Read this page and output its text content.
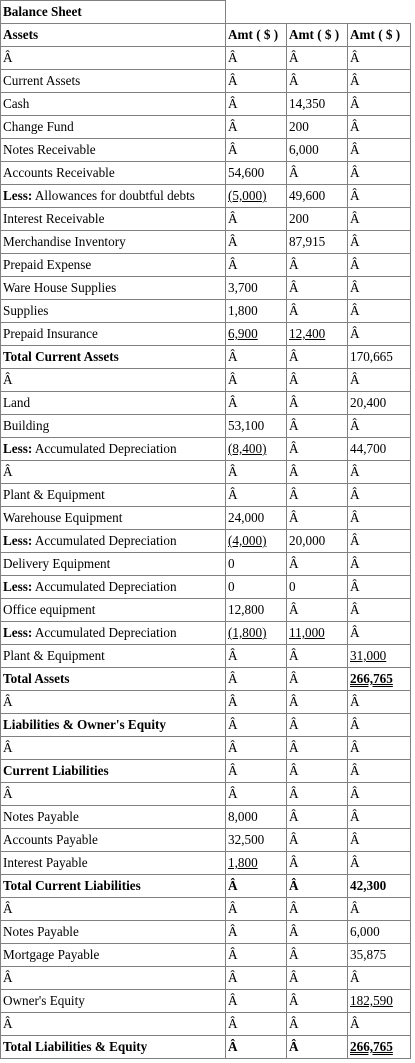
Balance Sheet			
Assets	Amt ( $ )	Amt ( $ )	Amt ( $ )
Â	Â	Â	Â
Current Assets	Â	Â	Â
Cash	Â	14,350	Â
Change Fund	Â	200	Â
Notes Receivable	Â	6,000	Â
Accounts Receivable	54,600	Â	Â
Less: Allowances for doubtful debts	(5,000)	49,600	Â
Interest Receivable	Â	200	Â
Merchandise Inventory	Â	87,915	Â
Prepaid Expense	Â	Â	Â
Ware House Supplies	3,700	Â	Â
Supplies	1,800	Â	Â
Prepaid Insurance	6,900	12,400	Â
Total Current Assets	Â	Â	170,665
Â	Â	Â	Â
Land	Â	Â	20,400
Building	53,100	Â	Â
Less: Accumulated Depreciation	(8,400)	Â	44,700
Â	Â	Â	Â
Plant & Equipment	Â	Â	Â
Warehouse Equipment	24,000	Â	Â
Less: Accumulated Depreciation	(4,000)	20,000	Â
Delivery Equipment	0	Â	Â
Less: Accumulated Depreciation	0	0	Â
Office equipment	12,800	Â	Â
Less: Accumulated Depreciation	(1,800)	11,000	Â
Plant & Equipment	Â	Â	31,000
Total Assets	Â	Â	266,765
Â	Â	Â	Â
Liabilities & Owner's Equity	Â	Â	Â
Â	Â	Â	Â
Current Liabilities	Â	Â	Â
Â	Â	Â	Â
Notes Payable	8,000	Â	Â
Accounts Payable	32,500	Â	Â
Interest Payable	1,800	Â	Â
Total Current Liabilities	Â	Â	42,300
Â	Â	Â	Â
Notes Payable	Â	Â	6,000
Mortgage Payable	Â	Â	35,875
Â	Â	Â	Â
Owner's Equity	Â	Â	182,590
Â	Â	Â	Â
Total Liabilities & Equity	Â	Â	266,765
